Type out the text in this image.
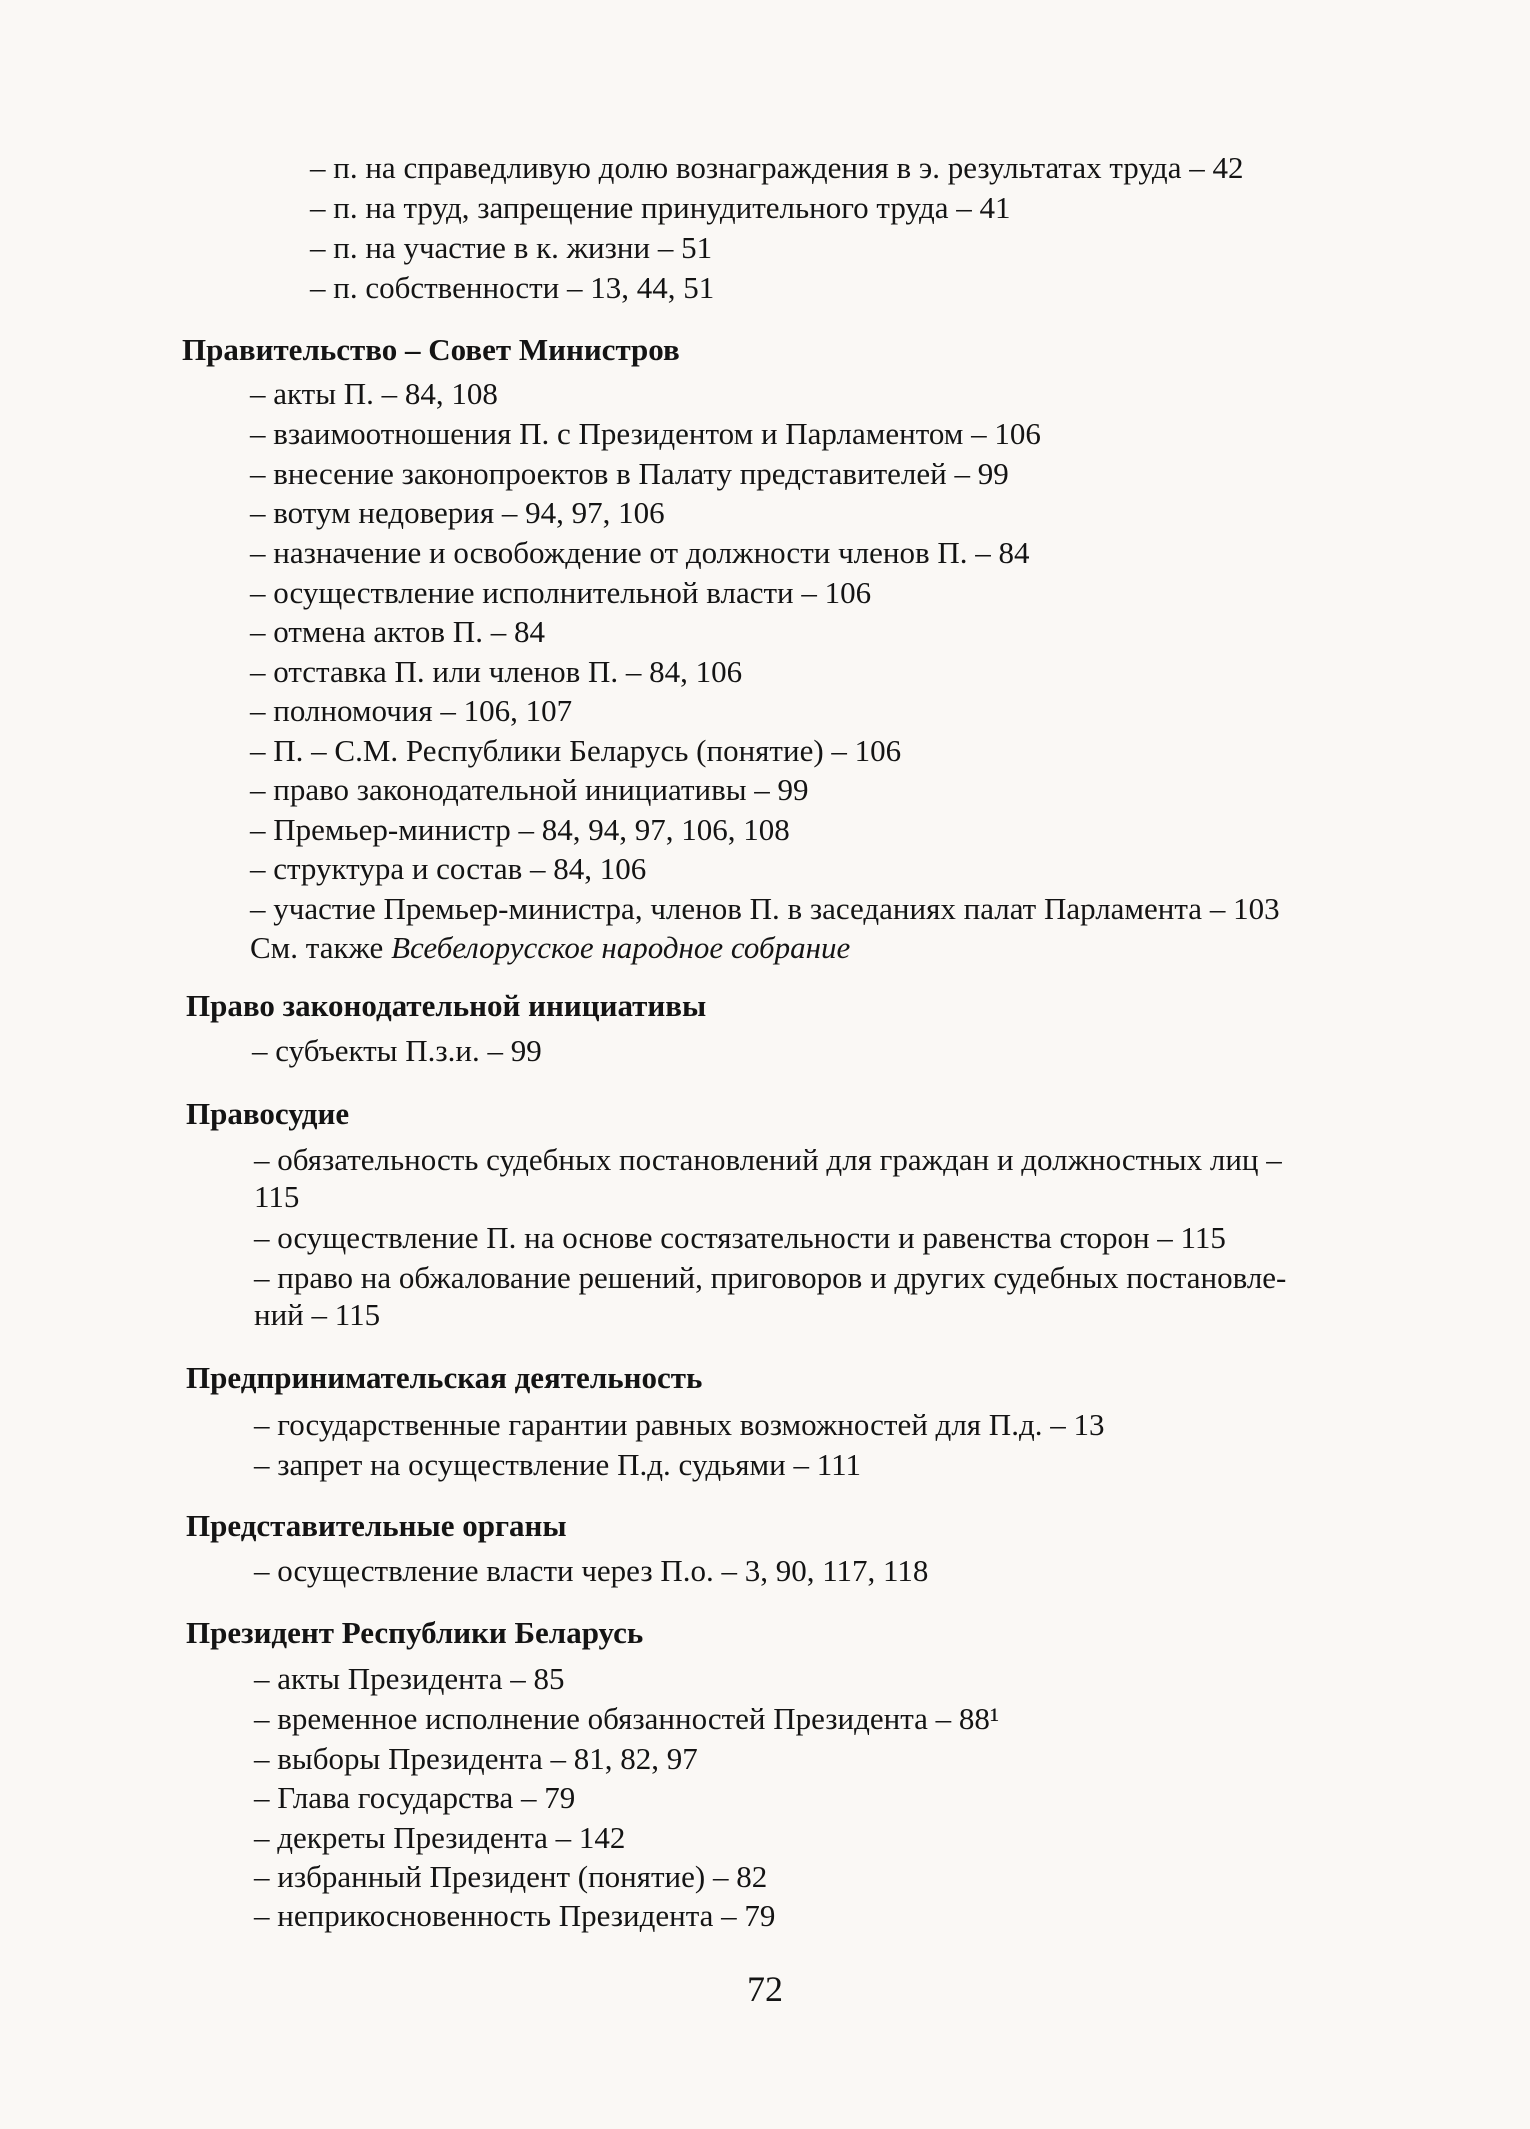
– п. на справедливую долю вознаграждения в э. результатах труда – 42
– п. на труд, запрещение принудительного труда – 41
– п. на участие в к. жизни – 51
– п. собственности – 13, 44, 51
Правительство – Совет Министров
– акты П. – 84, 108
– взаимоотношения П. с Президентом и Парламентом – 106
– внесение законопроектов в Палату представителей – 99
– вотум недоверия – 94, 97, 106
– назначение и освобождение от должности членов П. – 84
– осуществление исполнительной власти – 106
– отмена актов П. – 84
– отставка П. или членов П. – 84, 106
– полномочия – 106, 107
– П. – С.М. Республики Беларусь (понятие) – 106
– право законодательной инициативы – 99
– Премьер-министр – 84, 94, 97, 106, 108
– структура и состав – 84, 106
– участие Премьер-министра, членов П. в заседаниях палат Парламента – 103
См. также Всебелорусское народное собрание
Право законодательной инициативы
– субъекты П.з.и. – 99
Правосудие
– обязательность судебных постановлений для граждан и должностных лиц –
115
– осуществление П. на основе состязательности и равенства сторон – 115
– право на обжалование решений, приговоров и других судебных постановле-
ний – 115
Предпринимательская деятельность
– государственные гарантии равных возможностей для П.д. – 13
– запрет на осуществление П.д. судьями – 111
Представительные органы
– осуществление власти через П.о. – 3, 90, 117, 118
Президент Республики Беларусь
– акты Президента – 85
– временное исполнение обязанностей Президента – 88¹
– выборы Президента – 81, 82, 97
– Глава государства – 79
– декреты Президента – 142
– избранный Президент (понятие) – 82
– неприкосновенность Президента – 79
72
